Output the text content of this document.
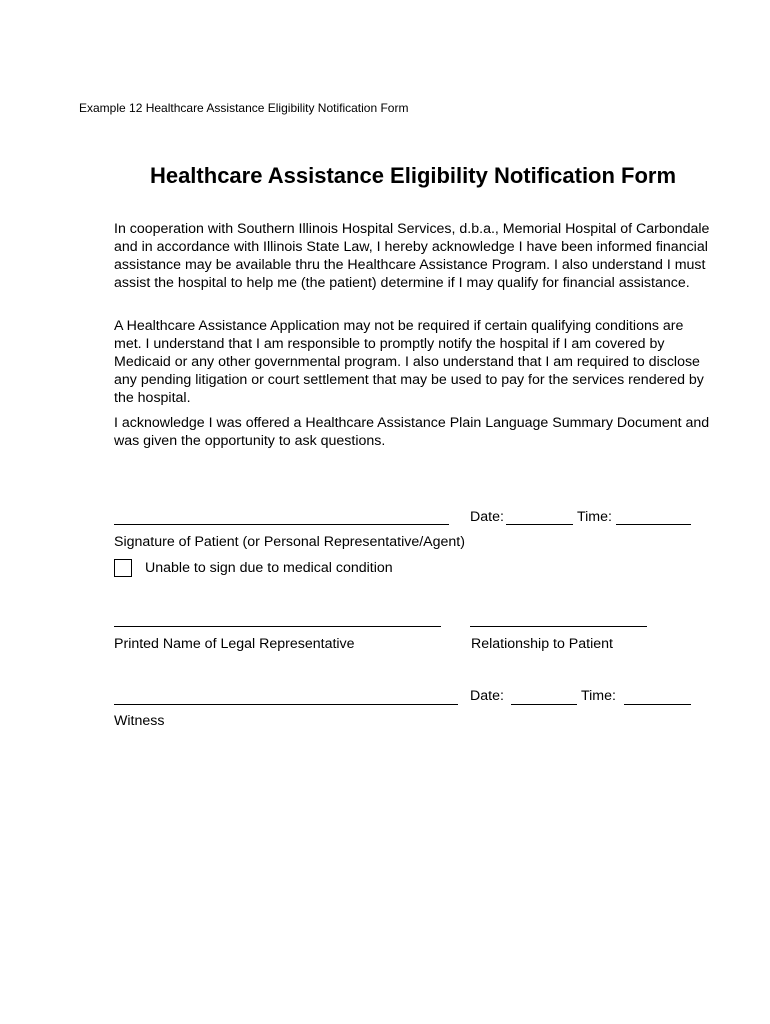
Example 12 Healthcare Assistance Eligibility Notification Form
Healthcare Assistance Eligibility Notification Form
In cooperation with Southern Illinois Hospital Services, d.b.a., Memorial Hospital of Carbondale and in accordance with Illinois State Law, I hereby acknowledge I have been informed financial assistance may be available thru the Healthcare Assistance Program. I also understand I must assist the hospital to help me (the patient) determine if I may qualify for financial assistance.
A Healthcare Assistance Application may not be required if certain qualifying conditions are met. I understand that I am responsible to promptly notify the hospital if I am covered by Medicaid or any other governmental program. I also understand that I am required to disclose any pending litigation or court settlement that may be used to pay for the services rendered by the hospital.
I acknowledge I was offered a Healthcare Assistance Plain Language Summary Document and was given the opportunity to ask questions.
Date:	Time:
Signature of Patient (or Personal Representative/Agent)
Unable to sign due to medical condition
Printed Name of Legal Representative	Relationship to Patient
Date:	Time:
Witness
